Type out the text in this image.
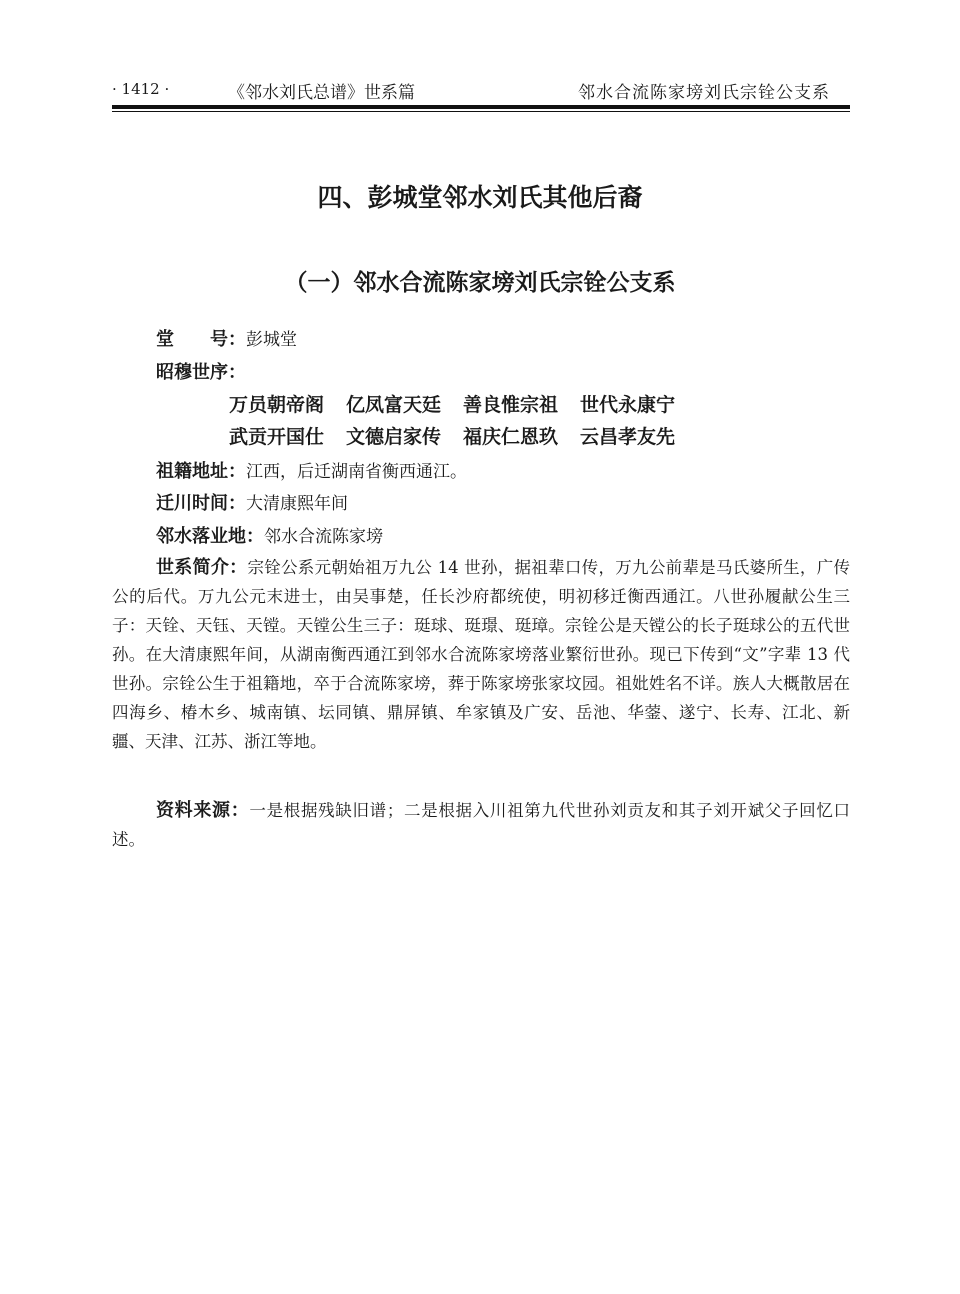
· 1412 ·	《邻水刘氏总谱》世系篇	邻水合流陈家塝刘氏宗铨公支系
四、彭城堂邻水刘氏其他后裔
（一）邻水合流陈家塝刘氏宗铨公支系
堂　　号：彭城堂
昭穆世序：
万员朝帝阁 亿凤富天廷 善良惟宗祖 世代永康宁
武贡开国仕 文德启家传 福庆仁恩玖 云昌孝友先
祖籍地址：江西，后迁湖南省衡西通江。
迁川时间：大清康熙年间
邻水落业地：邻水合流陈家塝
世系简介：宗铨公系元朝始祖万九公 14 世孙，据祖辈口传，万九公前辈是马氏婆所生，广传公的后代。万九公元末进士，由吴事楚，任长沙府都统使，明初移迁衡西通江。八世孙履献公生三子：天铨、天钰、天镗。天镗公生三子：珽球、珽璟、珽璋。宗铨公是天镗公的长子珽球公的五代世孙。在大清康熙年间，从湖南衡西通江到邻水合流陈家塝落业繁衍世孙。现已下传到“文”字辈 13 代世孙。宗铨公生于祖籍地，卒于合流陈家塝，葬于陈家塝张家坟园。祖妣姓名不详。族人大概散居在四海乡、椿木乡、城南镇、坛同镇、鼎屏镇、牟家镇及广安、岳池、华蓥、遂宁、长寿、江北、新疆、天津、江苏、浙江等地。
资料来源：一是根据残缺旧谱；二是根据入川祖第九代世孙刘贡友和其子刘开斌父子回忆口述。
